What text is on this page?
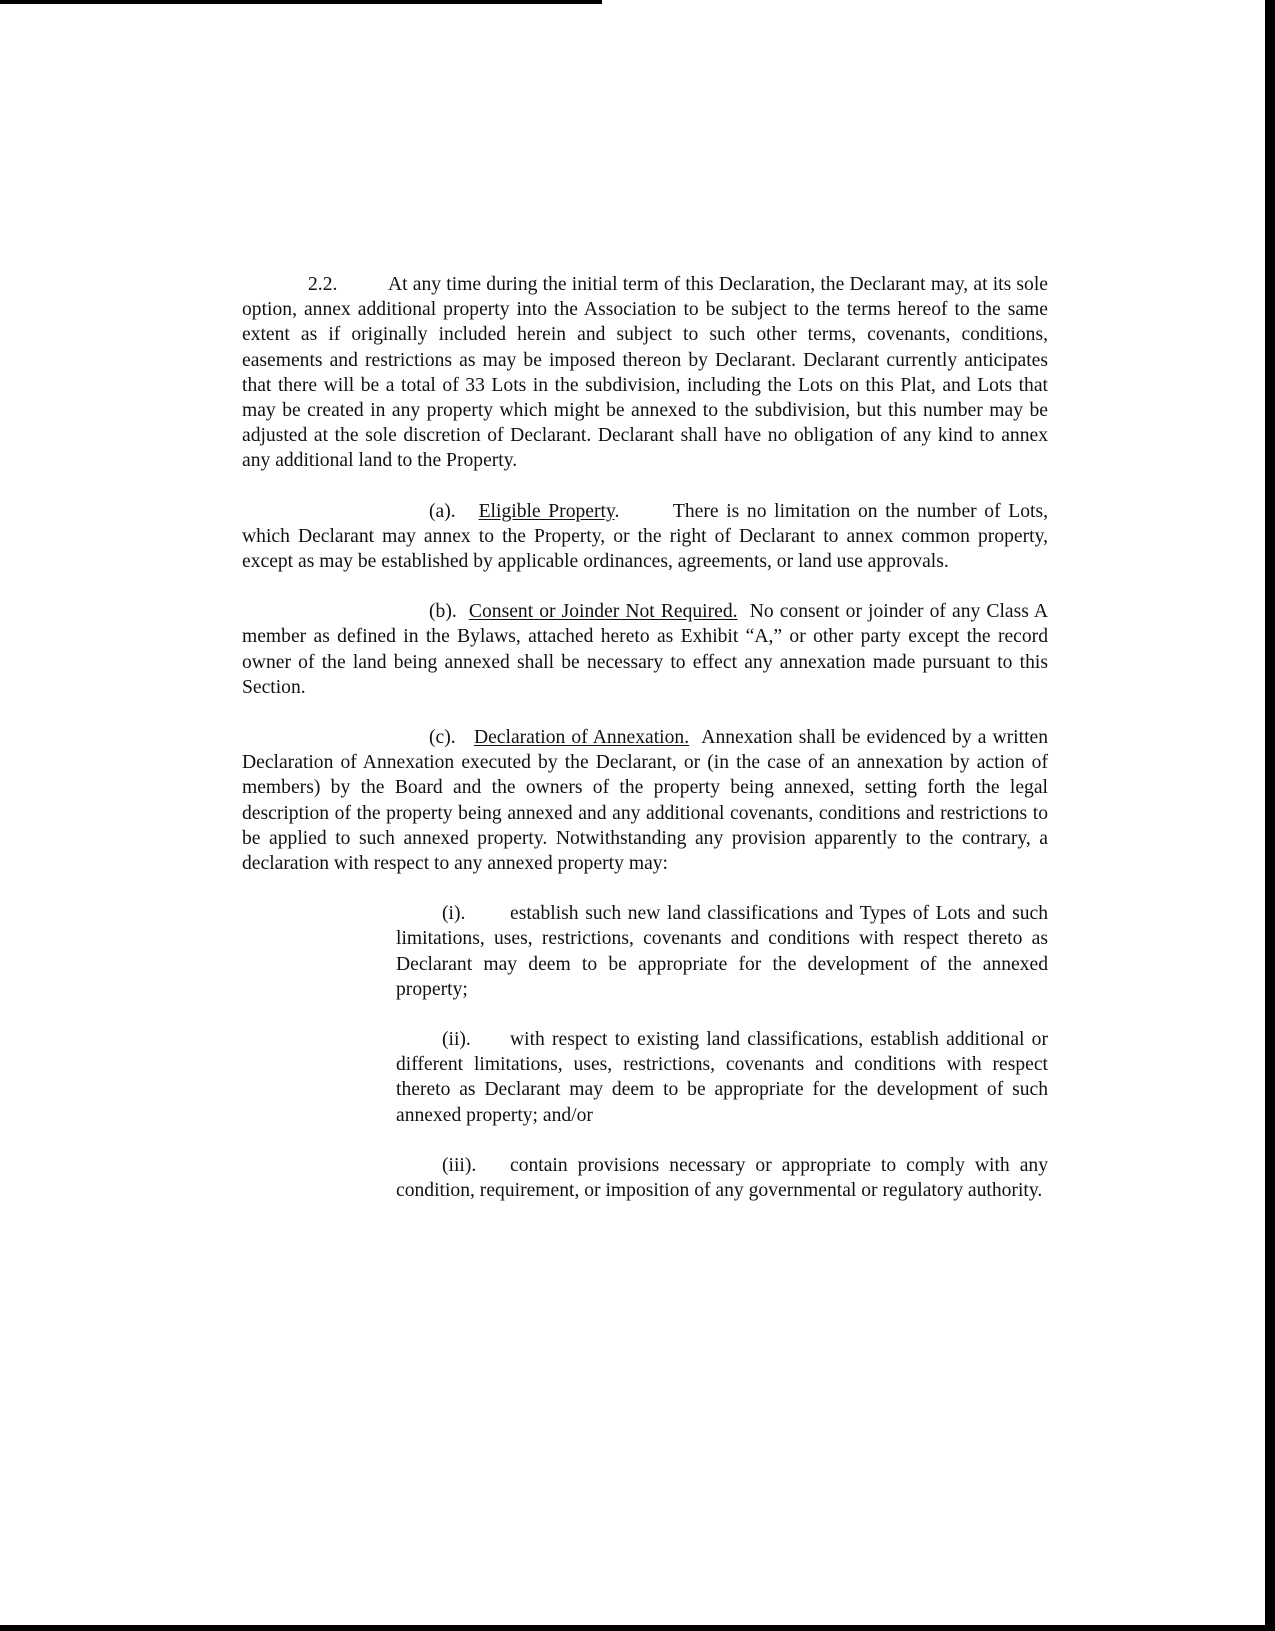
2.2.	At any time during the initial term of this Declaration, the Declarant may, at its sole option, annex additional property into the Association to be subject to the terms hereof to the same extent as if originally included herein and subject to such other terms, covenants, conditions, easements and restrictions as may be imposed thereon by Declarant. Declarant currently anticipates that there will be a total of 33 Lots in the subdivision, including the Lots on this Plat, and Lots that may be created in any property which might be annexed to the subdivision, but this number may be adjusted at the sole discretion of Declarant. Declarant shall have no obligation of any kind to annex any additional land to the Property.

(a). Eligible Property.	There is no limitation on the number of Lots, which Declarant may annex to the Property, or the right of Declarant to annex common property, except as may be established by applicable ordinances, agreements, or land use approvals.

(b). Consent or Joinder Not Required. No consent or joinder of any Class A member as defined in the Bylaws, attached hereto as Exhibit “A,” or other party except the record owner of the land being annexed shall be necessary to effect any annexation made pursuant to this Section.

(c). Declaration of Annexation. Annexation shall be evidenced by a written Declaration of Annexation executed by the Declarant, or (in the case of an annexation by action of members) by the Board and the owners of the property being annexed, setting forth the legal description of the property being annexed and any additional covenants, conditions and restrictions to be applied to such annexed property. Notwithstanding any provision apparently to the contrary, a declaration with respect to any annexed property may:

(i). establish such new land classifications and Types of Lots and such limitations, uses, restrictions, covenants and conditions with respect thereto as Declarant may deem to be appropriate for the development of the annexed property;

(ii). with respect to existing land classifications, establish additional or different limitations, uses, restrictions, covenants and conditions with respect thereto as Declarant may deem to be appropriate for the development of such annexed property; and/or

(iii). contain provisions necessary or appropriate to comply with any condition, requirement, or imposition of any governmental or regulatory authority.
